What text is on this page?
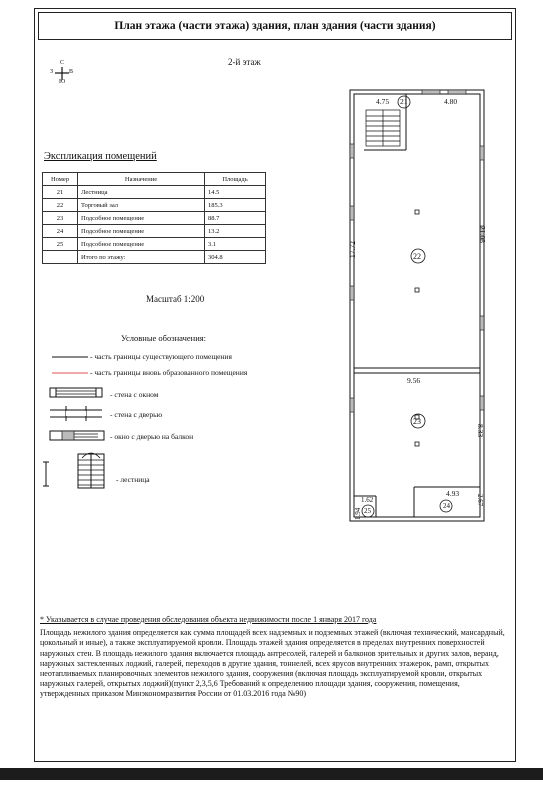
План этажа (части этажа) здания, план здания (части здания)
2-й этаж
С
З	В
Ю
Экспликация помещений
Номер	Назначение	Площадь
21	Лестница	14.5
22	Торговый зал	185.3
23	Подсобное помещение	88.7
24	Подсобное помещение	13.2
25	Подсобное помещение	3.1
	Итого по этажу:	304.8
Масштаб 1:200
Условные обозначения:
- часть границы существующего помещения
- часть границы вновь образованного помещения
- стена с окном
- стена с дверью
- окно с дверью на балкон
- лестница
4.75 21	4.80
17.72
21.03
22
9.56
23
8.33
4.93
24	2.67
1.62
1.94 25
* Указывается в случае проведения обследования объекта недвижимости после 1 января 2017 года
Площадь нежилого здания определяется как сумма площадей всех надземных и подземных этажей (включая технический, мансардный, цокольный и иные), а также эксплуатируемой кровли. Площадь этажей здания определяется в пределах внутренних поверхностей наружных стен. В площадь нежилого здания включается площадь антресолей, галерей и балконов зрительных и других залов, веранд, наружных застекленных лоджий, галерей, переходов в другие здания, тоннелей, всех ярусов внутренних этажерок, рамп, открытых неотапливаемых планировочных элементов нежилого здания, сооружения (включая площадь эксплуатируемой кровли, открытых наружных галерей, открытых лоджий)(пункт 2,3,5,6 Требований к определению площади здания, сооружения, помещения, утвержденных приказом Минэкономразвития России от 01.03.2016 года №90)
